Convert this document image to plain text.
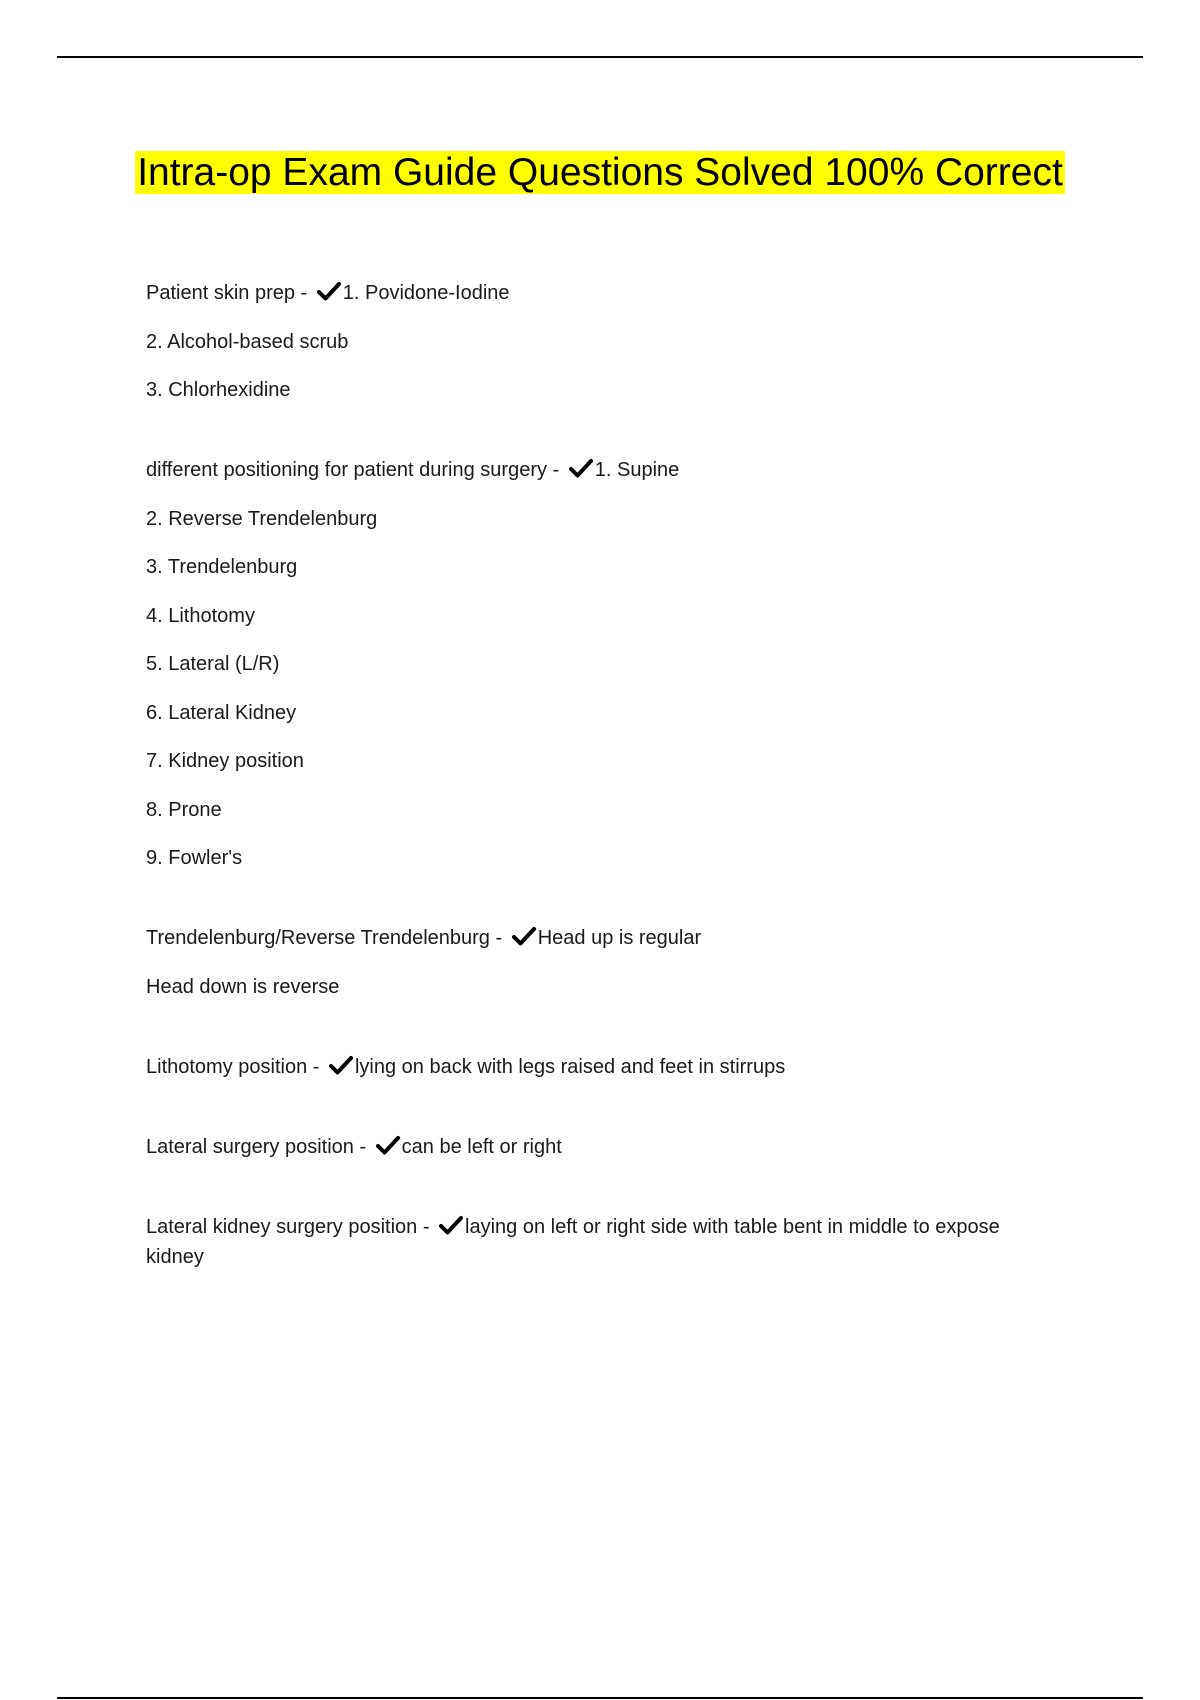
Intra-op Exam Guide Questions Solved 100% Correct
Patient skin prep -
1. Povidone-Iodine
2. Alcohol-based scrub
3. Chlorhexidine
different positioning for patient during surgery -
1. Supine
2. Reverse Trendelenburg
3. Trendelenburg
4. Lithotomy
5. Lateral (L/R)
6. Lateral Kidney
7. Kidney position
8. Prone
9. Fowler's
Trendelenburg/Reverse Trendelenburg -
Head up is regular
Head down is reverse
Lithotomy position -
lying on back with legs raised and feet in stirrups
Lateral surgery position -
can be left or right
Lateral kidney surgery position -
laying on left or right side with table bent in middle to expose kidney
